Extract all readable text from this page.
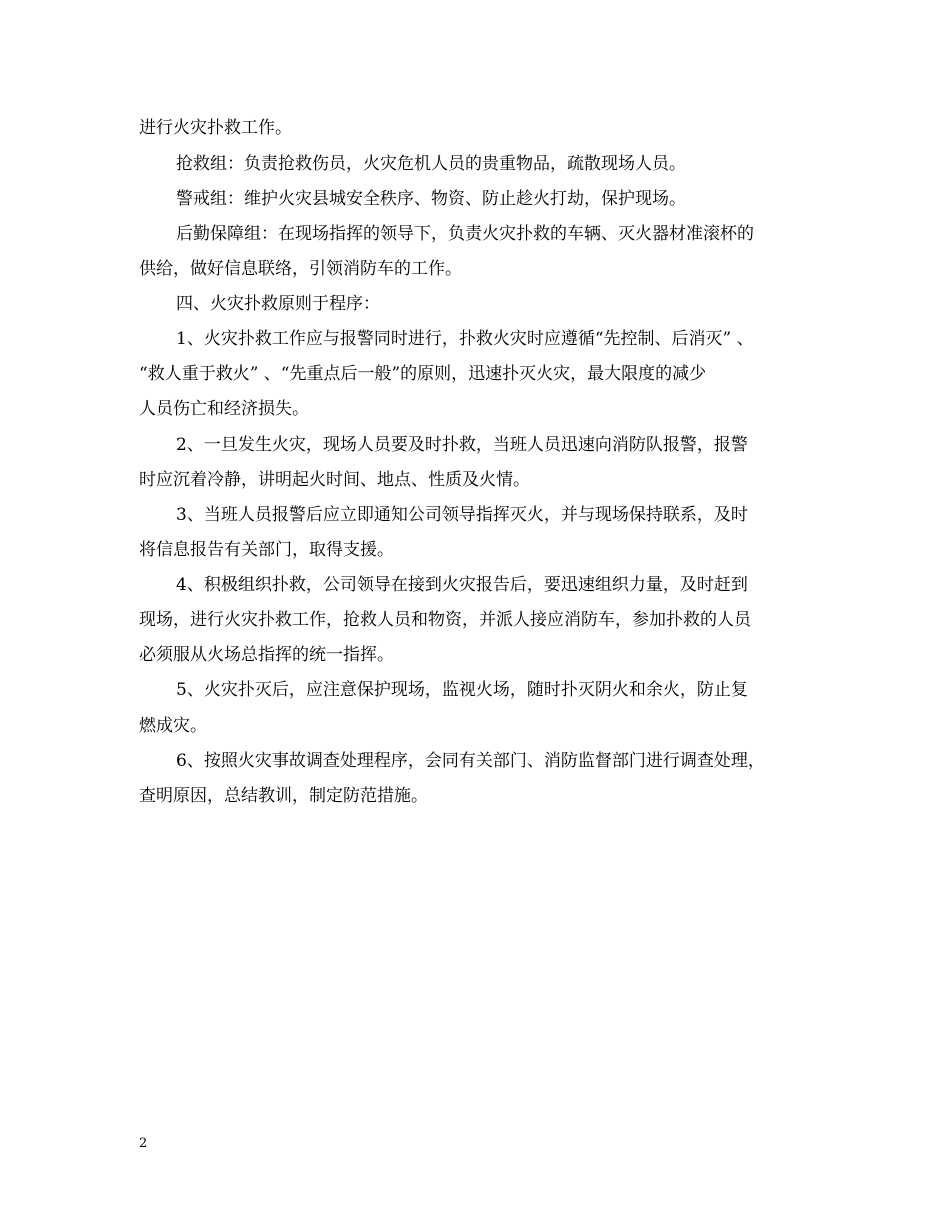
进行火灾扑救工作。
抢救组：负责抢救伤员，火灾危机人员的贵重物品，疏散现场人员。
警戒组：维护火灾县城安全秩序、物资、防止趁火打劫，保护现场。
后勤保障组：在现场指挥的领导下，负责火灾扑救的车辆、灭火器材准滚杯的
供给，做好信息联络，引领消防车的工作。
四、火灾扑救原则于程序：
1、火灾扑救工作应与报警同时进行，扑救火灾时应遵循“先控制、后消灭” 、
“救人重于救火” 、“先重点后一般”的原则，迅速扑灭火灾，最大限度的减少
人员伤亡和经济损失。
2、一旦发生火灾，现场人员要及时扑救，当班人员迅速向消防队报警，报警
时应沉着冷静，讲明起火时间、地点、性质及火情。
3、当班人员报警后应立即通知公司领导指挥灭火，并与现场保持联系，及时
将信息报告有关部门，取得支援。
4、积极组织扑救，公司领导在接到火灾报告后，要迅速组织力量，及时赶到
现场，进行火灾扑救工作，抢救人员和物资，并派人接应消防车，参加扑救的人员
必须服从火场总指挥的统一指挥。
5、火灾扑灭后，应注意保护现场，监视火场，随时扑灭阴火和余火，防止复
燃成灾。
6、按照火灾事故调查处理程序，会同有关部门、消防监督部门进行调查处理，
查明原因，总结教训，制定防范措施。
2
